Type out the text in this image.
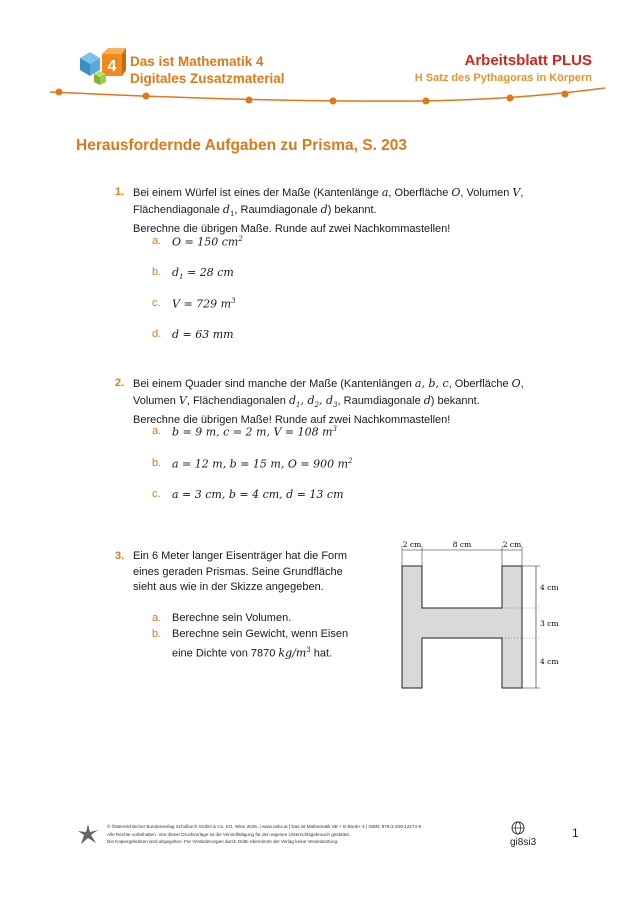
4 Das ist Mathematik 4
Digitales Zusatzmaterial
Arbeitsblatt PLUS
H Satz des Pythagoras in Körpern
Herausfordernde Aufgaben zu Prisma, S. 203
1. Bei einem Würfel ist eines der Maße (Kantenlänge a, Oberfläche O, Volumen V,
Flächendiagonale $d_1$, Raumdiagonale d) bekannt.
Berechne die übrigen Maße. Runde auf zwei Nachkommastellen!
a. O = 150 $cm^2$
b. $d_1 = 28$ cm
c. V = 729 $m^3$
d. d = 63 mm
2. Bei einem Quader sind manche der Maße (Kantenlängen a, b, c, Oberfläche O,
Volumen V, Flächendiagonalen $d_1$, $d_2$, $d_3$, Raumdiagonale d) bekannt.
Berechne die übrigen Maße! Runde auf zwei Nachkommastellen!
a. b = 9 m, c = 2 m, V = 108 $m^3$
b. a = 12 m, b = 15 m, O = 900 $m^2$
c. a = 3 cm, b = 4 cm, d = 13 cm
3. Ein 6 Meter langer Eisenträger hat die Form
eines geraden Prismas. Seine Grundfläche
sieht aus wie in der Skizze angegeben.
a. Berechne sein Volumen.
b. Berechne sein Gewicht, wenn Eisen
eine Dichte von 7870 $kg/m^3$ hat.
2 cm	8 cm	2 cm
4 cm
3 cm
4 cm
© Österreichischer Bundesverlag Schulbuch GmbH & Co. KG, Wien 2025. | www.oebv.at | Das ist Mathematik SB + E-Book+ 4 | ISBN: 978-3-209-12274-9
Alle Rechte vorbehalten. Von dieser Druckvorlage ist die Vervielfältigung für den eigenen Unterrichtsgebrauch gestattet.
Die Kopiergebühren sind abgegolten. Für Veränderungen durch Dritte übernimmt der Verlag keine Verantwortung.	gi8si3
1
